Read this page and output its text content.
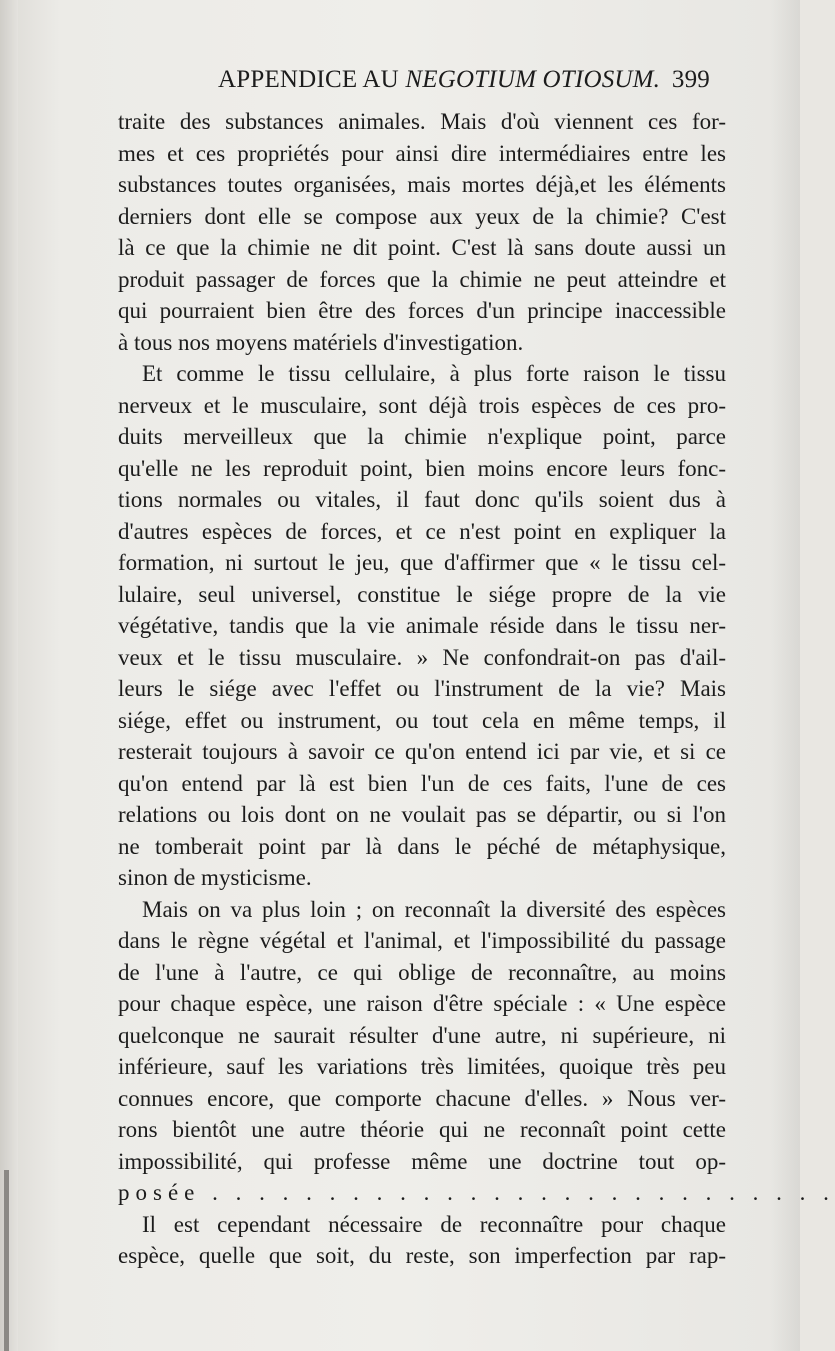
APPENDICE AU NEGOTIUM OTIOSUM. 399
traite des substances animales. Mais d'où viennent ces for-
mes et ces propriétés pour ainsi dire intermédiaires entre les
substances toutes organisées, mais mortes déjà,et les éléments
derniers dont elle se compose aux yeux de la chimie? C'est
là ce que la chimie ne dit point. C'est là sans doute aussi un
produit passager de forces que la chimie ne peut atteindre et
qui pourraient bien être des forces d'un principe inaccessible
à tous nos moyens matériels d'investigation.
Et comme le tissu cellulaire, à plus forte raison le tissu
nerveux et le musculaire, sont déjà trois espèces de ces pro-
duits merveilleux que la chimie n'explique point, parce
qu'elle ne les reproduit point, bien moins encore leurs fonc-
tions normales ou vitales, il faut donc qu'ils soient dus à
d'autres espèces de forces, et ce n'est point en expliquer la
formation, ni surtout le jeu, que d'affirmer que « le tissu cel-
lulaire, seul universel, constitue le siége propre de la vie
végétative, tandis que la vie animale réside dans le tissu ner-
veux et le tissu musculaire. » Ne confondrait-on pas d'ail-
leurs le siége avec l'effet ou l'instrument de la vie? Mais
siége, effet ou instrument, ou tout cela en même temps, il
resterait toujours à savoir ce qu'on entend ici par vie, et si ce
qu'on entend par là est bien l'un de ces faits, l'une de ces
relations ou lois dont on ne voulait pas se départir, ou si l'on
ne tomberait point par là dans le péché de métaphysique,
sinon de mysticisme.
Mais on va plus loin ; on reconnaît la diversité des espèces
dans le règne végétal et l'animal, et l'impossibilité du passage
de l'une à l'autre, ce qui oblige de reconnaître, au moins
pour chaque espèce, une raison d'être spéciale : « Une espèce
quelconque ne saurait résulter d'une autre, ni supérieure, ni
inférieure, sauf les variations très limitées, quoique très peu
connues encore, que comporte chacune d'elles. » Nous ver-
rons bientôt une autre théorie qui ne reconnaît point cette
impossibilité, qui professe même une doctrine tout op-
posée . . . . . . . . . . . . . . . . . . . . . . . . . . .
Il est cependant nécessaire de reconnaître pour chaque
espèce, quelle que soit, du reste, son imperfection par rap-
